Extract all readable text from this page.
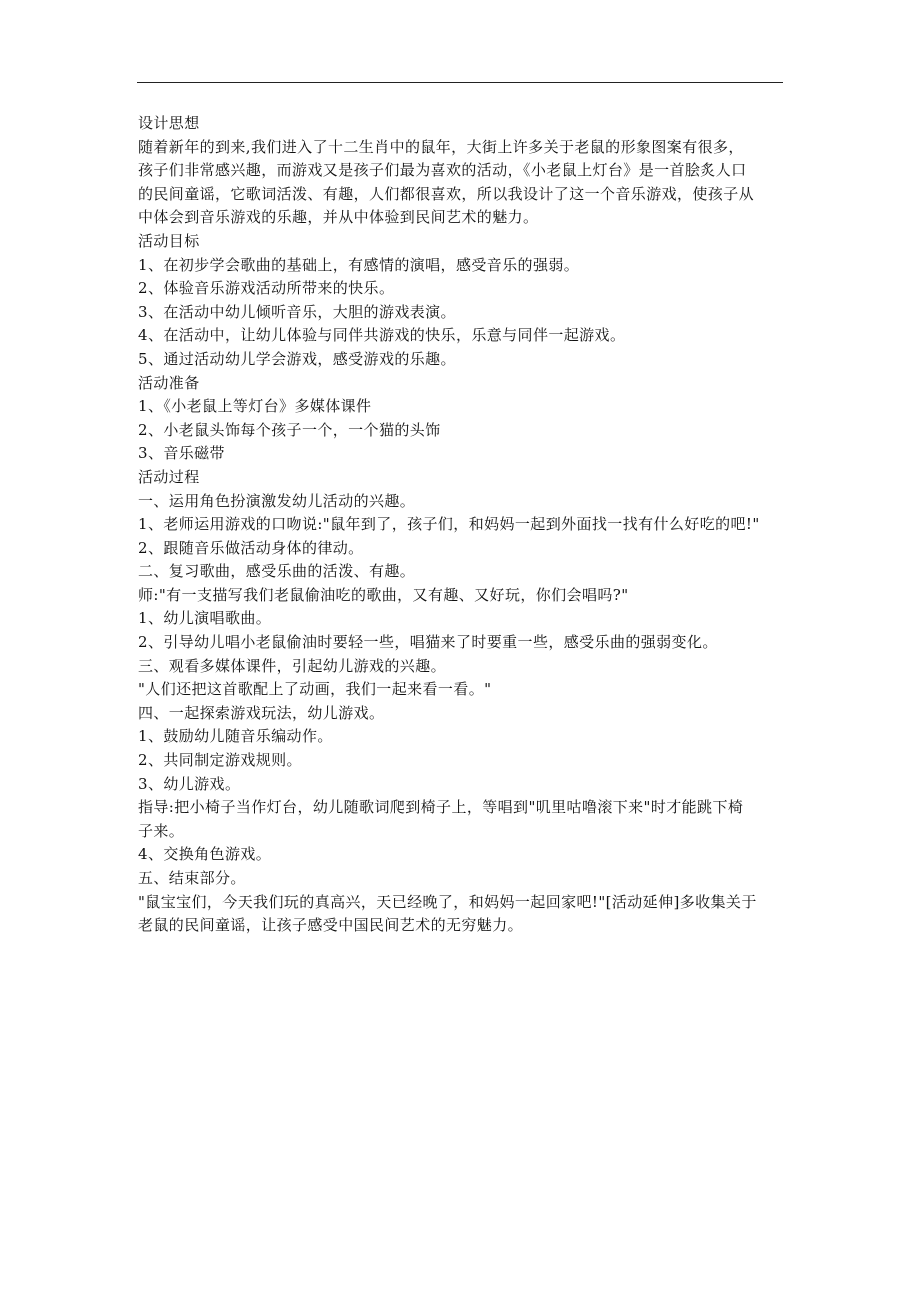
设计思想
随着新年的到来,我们进入了十二生肖中的鼠年，大街上许多关于老鼠的形象图案有很多，
孩子们非常感兴趣，而游戏又是孩子们最为喜欢的活动，《小老鼠上灯台》是一首脍炙人口
的民间童谣，它歌词活泼、有趣，人们都很喜欢，所以我设计了这一个音乐游戏，使孩子从
中体会到音乐游戏的乐趣，并从中体验到民间艺术的魅力。
活动目标
1、在初步学会歌曲的基础上，有感情的演唱，感受音乐的强弱。
2、体验音乐游戏活动所带来的快乐。
3、在活动中幼儿倾听音乐，大胆的游戏表演。
4、在活动中，让幼儿体验与同伴共游戏的快乐，乐意与同伴一起游戏。
5、通过活动幼儿学会游戏，感受游戏的乐趣。
活动准备
1、《小老鼠上等灯台》多媒体课件
2、小老鼠头饰每个孩子一个，一个猫的头饰
3、音乐磁带
活动过程
一、运用角色扮演激发幼儿活动的兴趣。
1、老师运用游戏的口吻说:"鼠年到了，孩子们，和妈妈一起到外面找一找有什么好吃的吧!"
2、跟随音乐做活动身体的律动。
二、复习歌曲，感受乐曲的活泼、有趣。
师:"有一支描写我们老鼠偷油吃的歌曲，又有趣、又好玩，你们会唱吗?"
1、幼儿演唱歌曲。
2、引导幼儿唱小老鼠偷油时要轻一些，唱猫来了时要重一些，感受乐曲的强弱变化。
三、观看多媒体课件，引起幼儿游戏的兴趣。
"人们还把这首歌配上了动画，我们一起来看一看。"
四、一起探索游戏玩法，幼儿游戏。
1、鼓励幼儿随音乐编动作。
2、共同制定游戏规则。
3、幼儿游戏。
指导:把小椅子当作灯台，幼儿随歌词爬到椅子上，等唱到"叽里咕噜滚下来"时才能跳下椅
子来。
4、交换角色游戏。
五、结束部分。
"鼠宝宝们，今天我们玩的真高兴，天已经晚了，和妈妈一起回家吧!"[活动延伸]多收集关于
老鼠的民间童谣，让孩子感受中国民间艺术的无穷魅力。
